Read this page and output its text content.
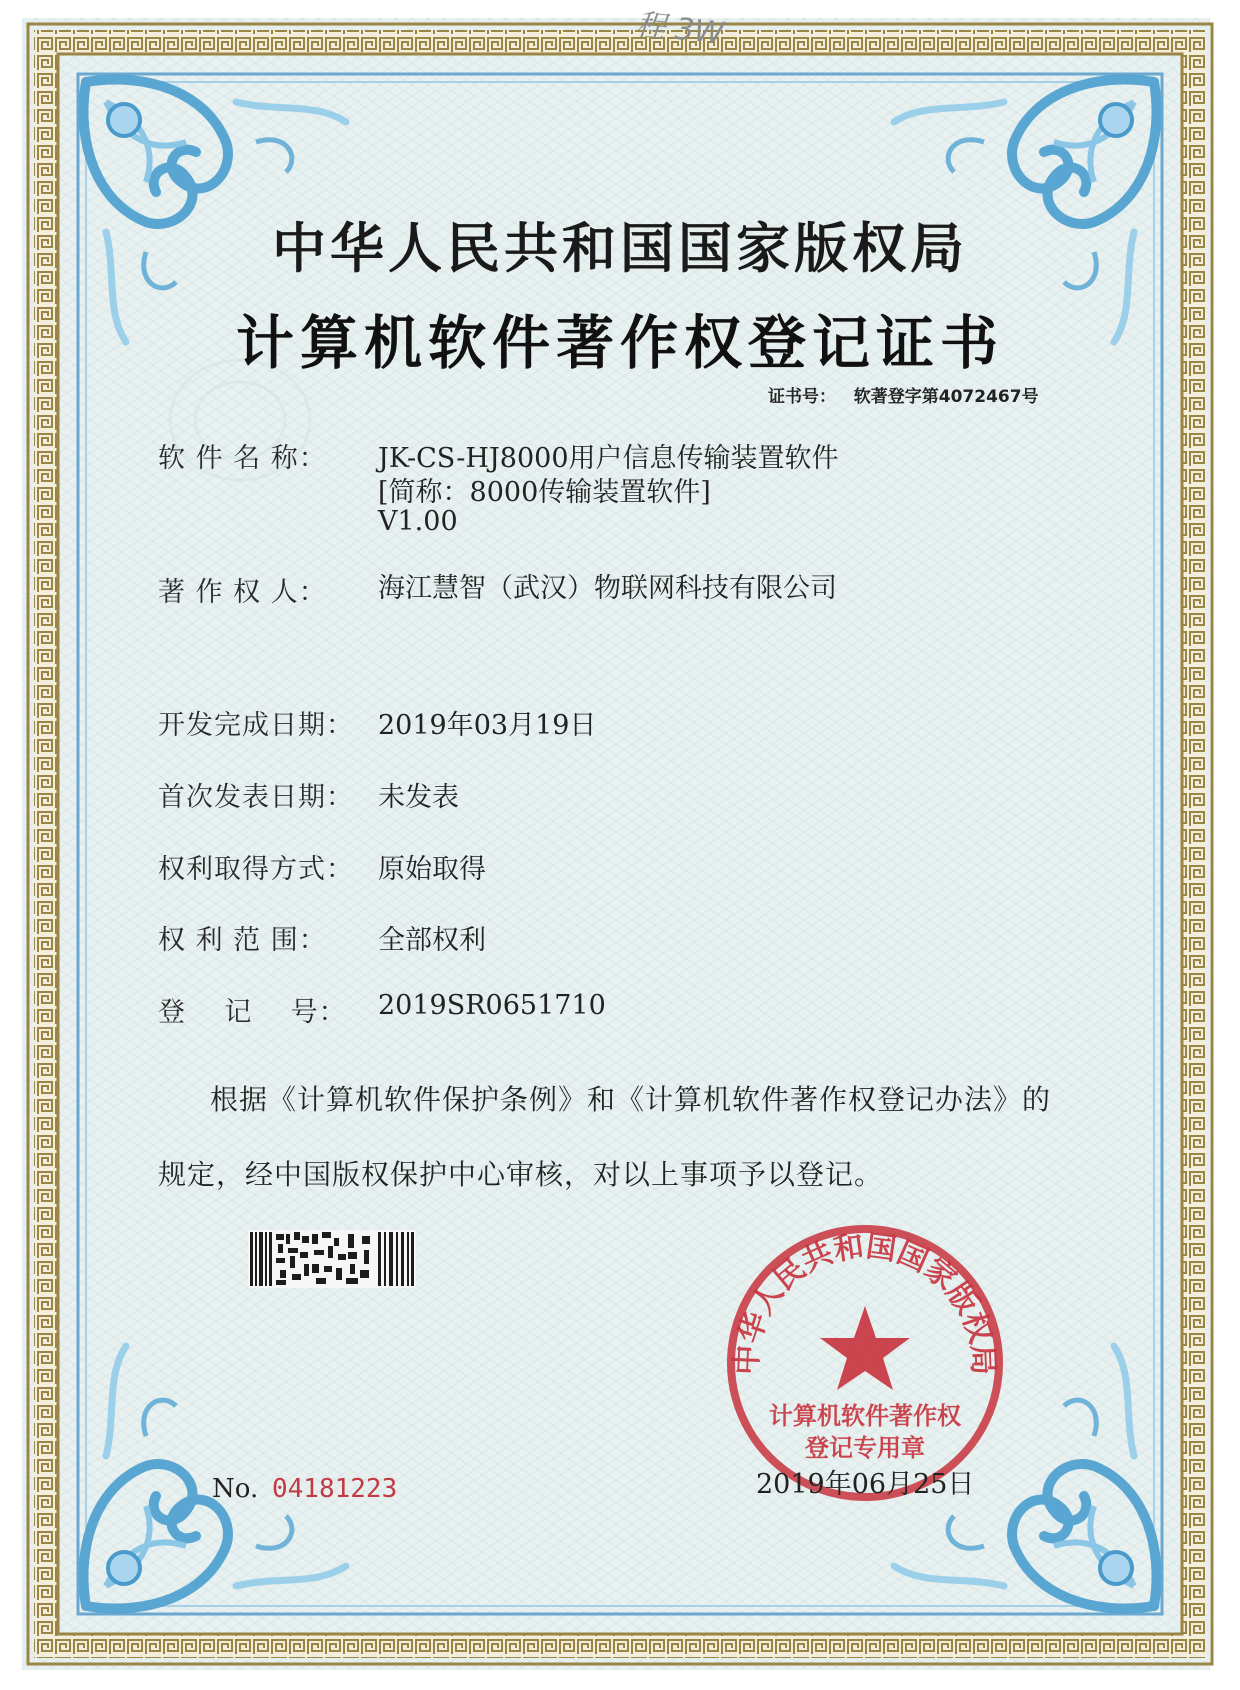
程 3W
中华人民共和国国家版权局
计算机软件著作权登记证书
证书号： 软著登字第4072467号
软 件 名 称： JK-CS-HJ8000用户信息传输装置软件
[简称：8000传输装置软件]
V1.00
著 作 权 人： 海江慧智（武汉）物联网科技有限公司
开发完成日期： 2019年03月19日
首次发表日期： 未发表
权利取得方式： 原始取得
权 利 范 围： 全部权利
登    记    号： 2019SR0651710
根据《计算机软件保护条例》和《计算机软件著作权登记办法》的
规定，经中国版权保护中心审核，对以上事项予以登记。
No. 04181223
中华人民共和国国家版权局
计算机软件著作权
登记专用章
2019年06月25日
